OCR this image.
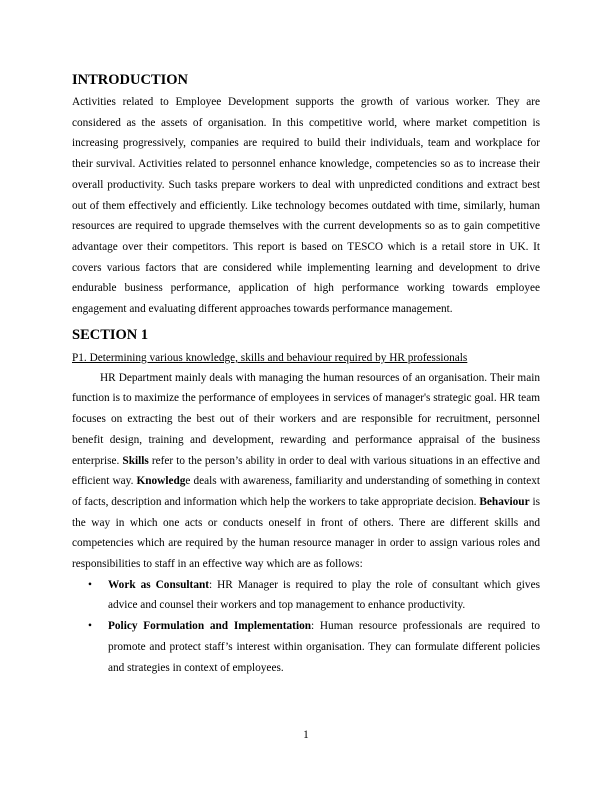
INTRODUCTION

Activities related to Employee Development supports the growth of various worker. They are considered as the assets of organisation. In this competitive world, where market competition is increasing progressively, companies are required to build their individuals, team and workplace for their survival. Activities related to personnel enhance knowledge, competencies so as to increase their overall productivity. Such tasks prepare workers to deal with unpredicted conditions and extract best out of them effectively and efficiently. Like technology becomes outdated with time, similarly, human resources are required to upgrade themselves with the current developments so as to gain competitive advantage over their competitors. This report is based on TESCO which is a retail store in UK. It covers various factors that are considered while implementing learning and development to drive endurable business performance, application of high performance working towards employee engagement and evaluating different approaches towards performance management.

SECTION 1
P1. Determining various knowledge, skills and behaviour required by HR professionals

HR Department mainly deals with managing the human resources of an organisation. Their main function is to maximize the performance of employees in services of manager's strategic goal. HR team focuses on extracting the best out of their workers and are responsible for recruitment, personnel benefit design, training and development, rewarding and performance appraisal of the business enterprise. Skills refer to the person’s ability in order to deal with various situations in an effective and efficient way. Knowledge deals with awareness, familiarity and understanding of something in context of facts, description and information which help the workers to take appropriate decision. Behaviour is the way in which one acts or conducts oneself in front of others. There are different skills and competencies which are required by the human resource manager in order to assign various roles and responsibilities to staff in an effective way which are as follows:

• Work as Consultant: HR Manager is required to play the role of consultant which gives advice and counsel their workers and top management to enhance productivity.
• Policy Formulation and Implementation: Human resource professionals are required to promote and protect staff’s interest within organisation. They can formulate different policies and strategies in context of employees.
1
